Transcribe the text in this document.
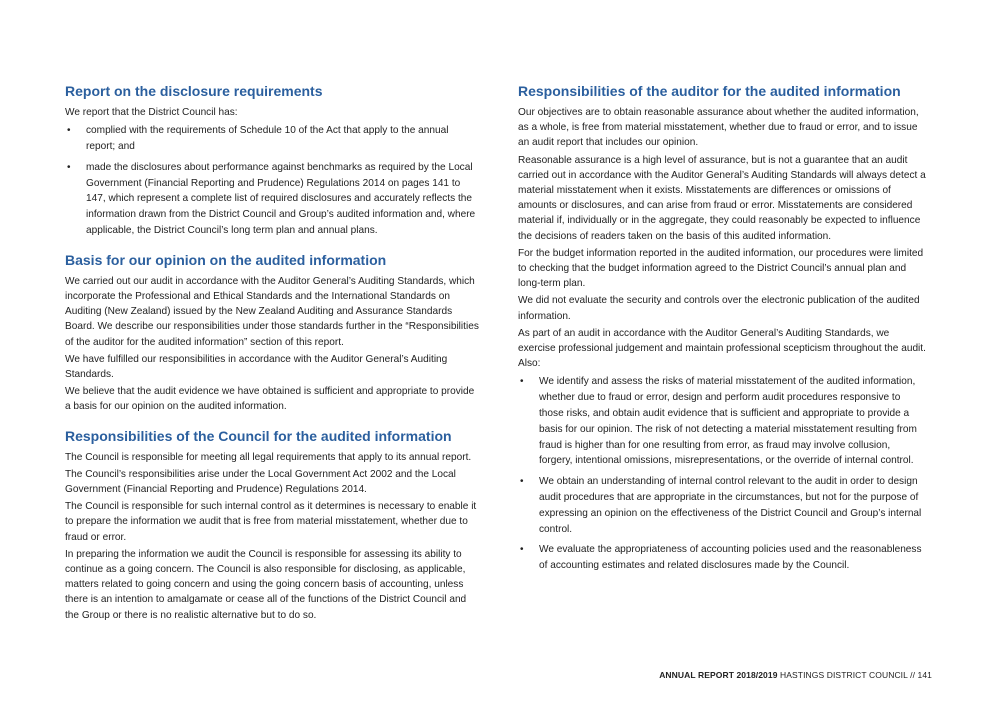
Report on the disclosure requirements

We report that the District Council has:

• complied with the requirements of Schedule 10 of the Act that apply to the annual report; and
• made the disclosures about performance against benchmarks as required by the Local Government (Financial Reporting and Prudence) Regulations 2014 on pages 141 to 147, which represent a complete list of required disclosures and accurately reflects the information drawn from the District Council and Group’s audited information and, where applicable, the District Council’s long term plan and annual plans.
Basis for our opinion on the audited information

We carried out our audit in accordance with the Auditor General’s Auditing Standards, which incorporate the Professional and Ethical Standards and the International Standards on Auditing (New Zealand) issued by the New Zealand Auditing and Assurance Standards Board. We describe our responsibilities under those standards further in the “Responsibilities of the auditor for the audited information” section of this report.

We have fulfilled our responsibilities in accordance with the Auditor General’s Auditing Standards.

We believe that the audit evidence we have obtained is sufficient and appropriate to provide a basis for our opinion on the audited information.

Responsibilities of the Council for the audited information

The Council is responsible for meeting all legal requirements that apply to its annual report.

The Council’s responsibilities arise under the Local Government Act 2002 and the Local Government (Financial Reporting and Prudence) Regulations 2014.

The Council is responsible for such internal control as it determines is necessary to enable it to prepare the information we audit that is free from material misstatement, whether due to fraud or error.

In preparing the information we audit the Council is responsible for assessing its ability to continue as a going concern. The Council is also responsible for disclosing, as applicable, matters related to going concern and using the going concern basis of accounting, unless there is an intention to amalgamate or cease all of the functions of the District Council and the Group or there is no realistic alternative but to do so.

Responsibilities of the auditor for the audited information

Our objectives are to obtain reasonable assurance about whether the audited information, as a whole, is free from material misstatement, whether due to fraud or error, and to issue an audit report that includes our opinion.

Reasonable assurance is a high level of assurance, but is not a guarantee that an audit carried out in accordance with the Auditor General’s Auditing Standards will always detect a material misstatement when it exists. Misstatements are differences or omissions of amounts or disclosures, and can arise from fraud or error. Misstatements are considered material if, individually or in the aggregate, they could reasonably be expected to influence the decisions of readers taken on the basis of this audited information.

For the budget information reported in the audited information, our procedures were limited to checking that the budget information agreed to the District Council’s annual plan and long-term plan.

We did not evaluate the security and controls over the electronic publication of the audited information.

As part of an audit in accordance with the Auditor General’s Auditing Standards, we exercise professional judgement and maintain professional scepticism throughout the audit. Also:

• We identify and assess the risks of material misstatement of the audited information, whether due to fraud or error, design and perform audit procedures responsive to those risks, and obtain audit evidence that is sufficient and appropriate to provide a basis for our opinion. The risk of not detecting a material misstatement resulting from fraud is higher than for one resulting from error, as fraud may involve collusion, forgery, intentional omissions, misrepresentations, or the override of internal control.
• We obtain an understanding of internal control relevant to the audit in order to design audit procedures that are appropriate in the circumstances, but not for the purpose of expressing an opinion on the effectiveness of the District Council and Group’s internal control.
• We evaluate the appropriateness of accounting policies used and the reasonableness of accounting estimates and related disclosures made by the Council.
ANNUAL REPORT 2018/2019 HASTINGS DISTRICT COUNCIL // 141
